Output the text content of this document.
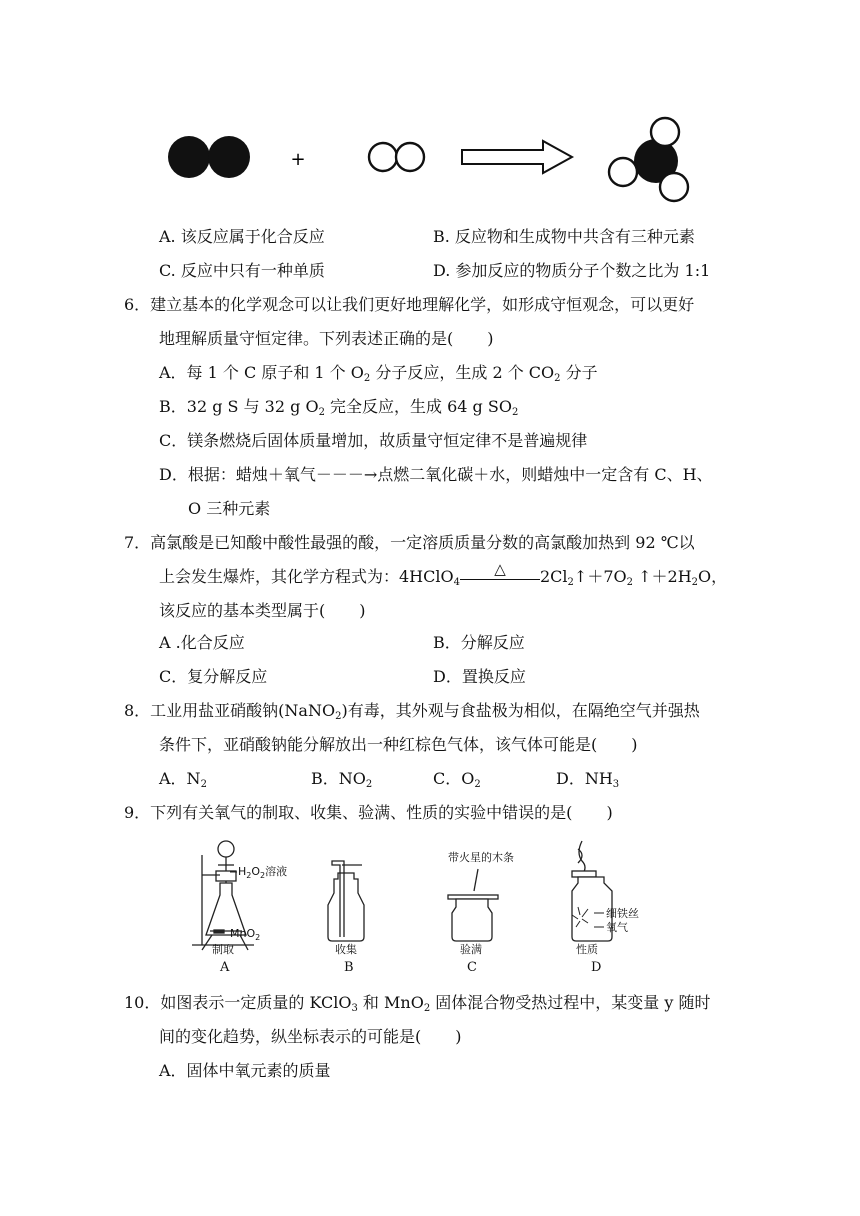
+
A. 该反应属于化合反应	B. 反应物和生成物中共含有三种元素
C. 反应中只有一种单质	D. 参加反应的物质分子个数之比为 1:1
6．建立基本的化学观念可以让我们更好地理解化学，如形成守恒观念，可以更好
地理解质量守恒定律。下列表述正确的是( )
A．每 1 个 C 原子和 1 个 $O_2$ 分子反应，生成 2 个 $CO_2$ 分子
B．32 g S 与 32 g $O_2$ 完全反应，生成 64 g $SO_2$
C．镁条燃烧后固体质量增加，故质量守恒定律不是普遍规律
D．根据：蜡烛＋氧气－－－→点燃二氧化碳＋水，则蜡烛中一定含有 C、H、
O 三种元素
7．高氯酸是已知酸中酸性最强的酸，一定溶质质量分数的高氯酸加热到 92 ℃以
上会发生爆炸，其化学方程式为：4HClO$_4$
△	$2Cl_2↑+7O_2$ $↑+2H_2O$，
该反应的基本类型属于( )
A .化合反应	B．分解反应
C．复分解反应	D．置换反应
8．工业用盐亚硝酸钠(NaNO$_2$)有毒，其外观与食盐极为相似，在隔绝空气并强热
条件下，亚硝酸钠能分解放出一种红棕色气体，该气体可能是( )
A．$N_2$	B．$NO_2$	C．$O_2$	D．$NH_3$
9．下列有关氧气的制取、收集、验满、性质的实验中错误的是( )
$H_2O_2$溶液
MnO$_2$
制取
A
收集
B
带火星的木条
验满
C
细铁丝
氧气
性质
D
10．如图表示一定质量的 KClO$_3$ 和 MnO$_2$ 固体混合物受热过程中，某变量 y 随时
间的变化趋势，纵坐标表示的可能是( )
A．固体中氧元素的质量
